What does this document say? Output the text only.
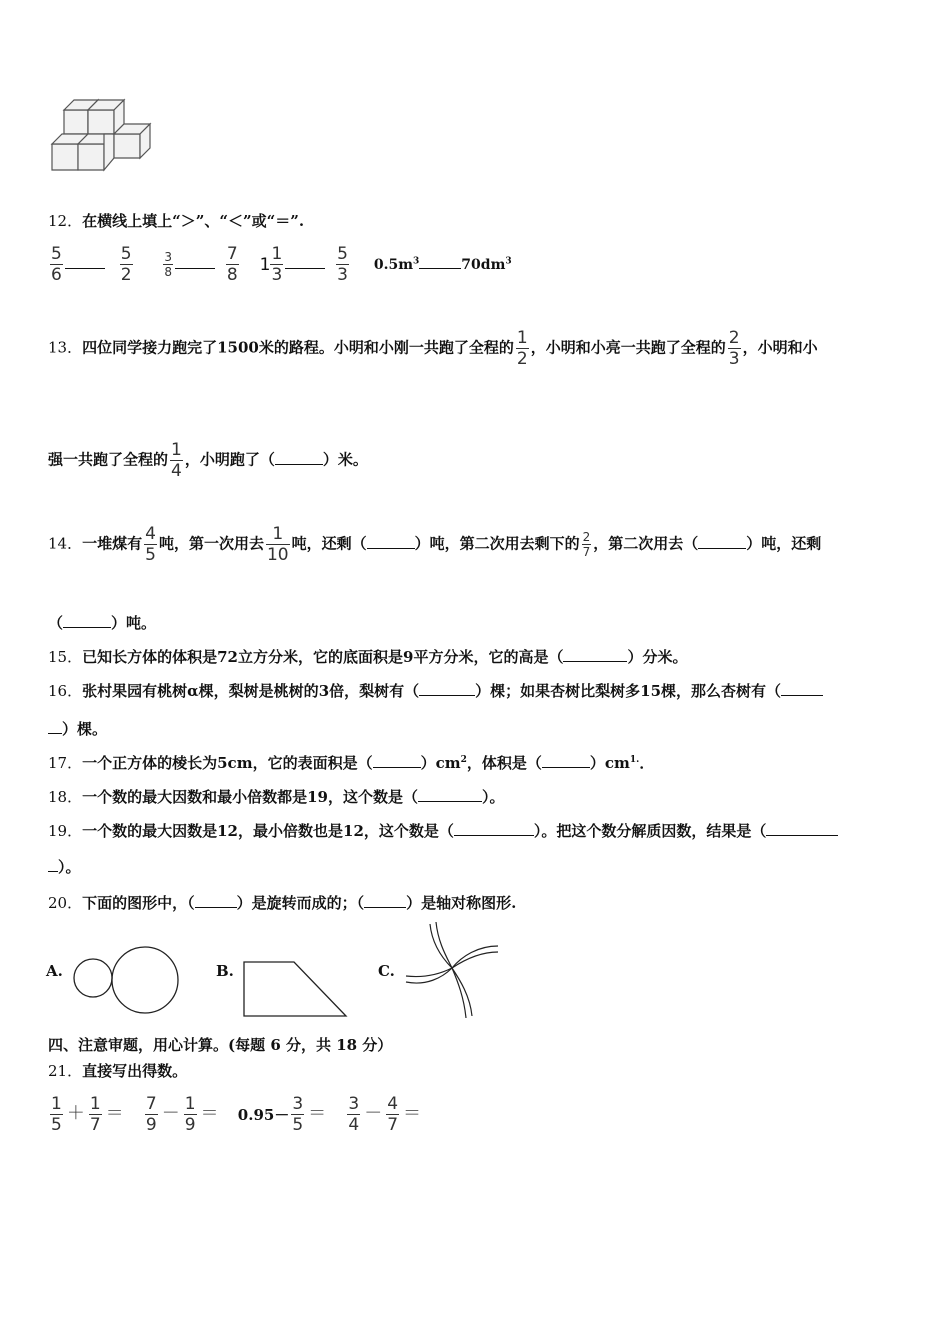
12．在横线上填上“＞”、“＜”或“＝”.
$\frac{5}{6}$
	$\frac{5}{2}$
	$\frac{3}{8}$
	$\frac{7}{8} 1 \frac{1}{3}$
	$\frac{5}{3} 0.5m^3$	$70dm^3$
13．四位同学接力跑完了1500米的路程。小明和小刚一共跑了全程的 $\frac{1}{2}$ ，小明和小亮一共跑了全程的 $\frac{2}{3}$ ，小明和小
强一共跑了全程的 $\frac{1}{4}$ ，小明跑了（	）米。
14．一堆煤有 $\frac{4}{5}$ 吨，第一次用去 $\frac{1}{10}$ 吨，还剩（	）吨，第二次用去剩下的 $\frac{2}{7}$ ，第二次用去（	）吨，还剩
（	）吨。
15．已知长方体的体积是72立方分米，它的底面积是9平方分米，它的高是（	）分米。
16．张村果园有桃树α棵，梨树是桃树的3倍，梨树有（	）棵；如果杏树比梨树多15棵，那么杏树有（
）棵。
17．一个正方体的棱长为5cm，它的表面积是（	）$cm^2$，体积是（	）$cm^{1.}$．
18．一个数的最大因数和最小倍数都是19，这个数是（	）。
19．一个数的最大因数是12，最小倍数也是12，这个数是（	）。把这个数分解质因数，结果是（
）。
20．下面的图形中，（	）是旋转而成的；（	）是轴对称图形.
A.	B.	C.
四、注意审题，用心计算。(每题 6 分，共 18 分）
21．直接写出得数。
$\frac{1}{5} + \frac{1}{7} = \frac{7}{9} - \frac{1}{9} = 0.95- \frac{3}{5} = \frac{3}{4} - \frac{4}{7}$ ＝
